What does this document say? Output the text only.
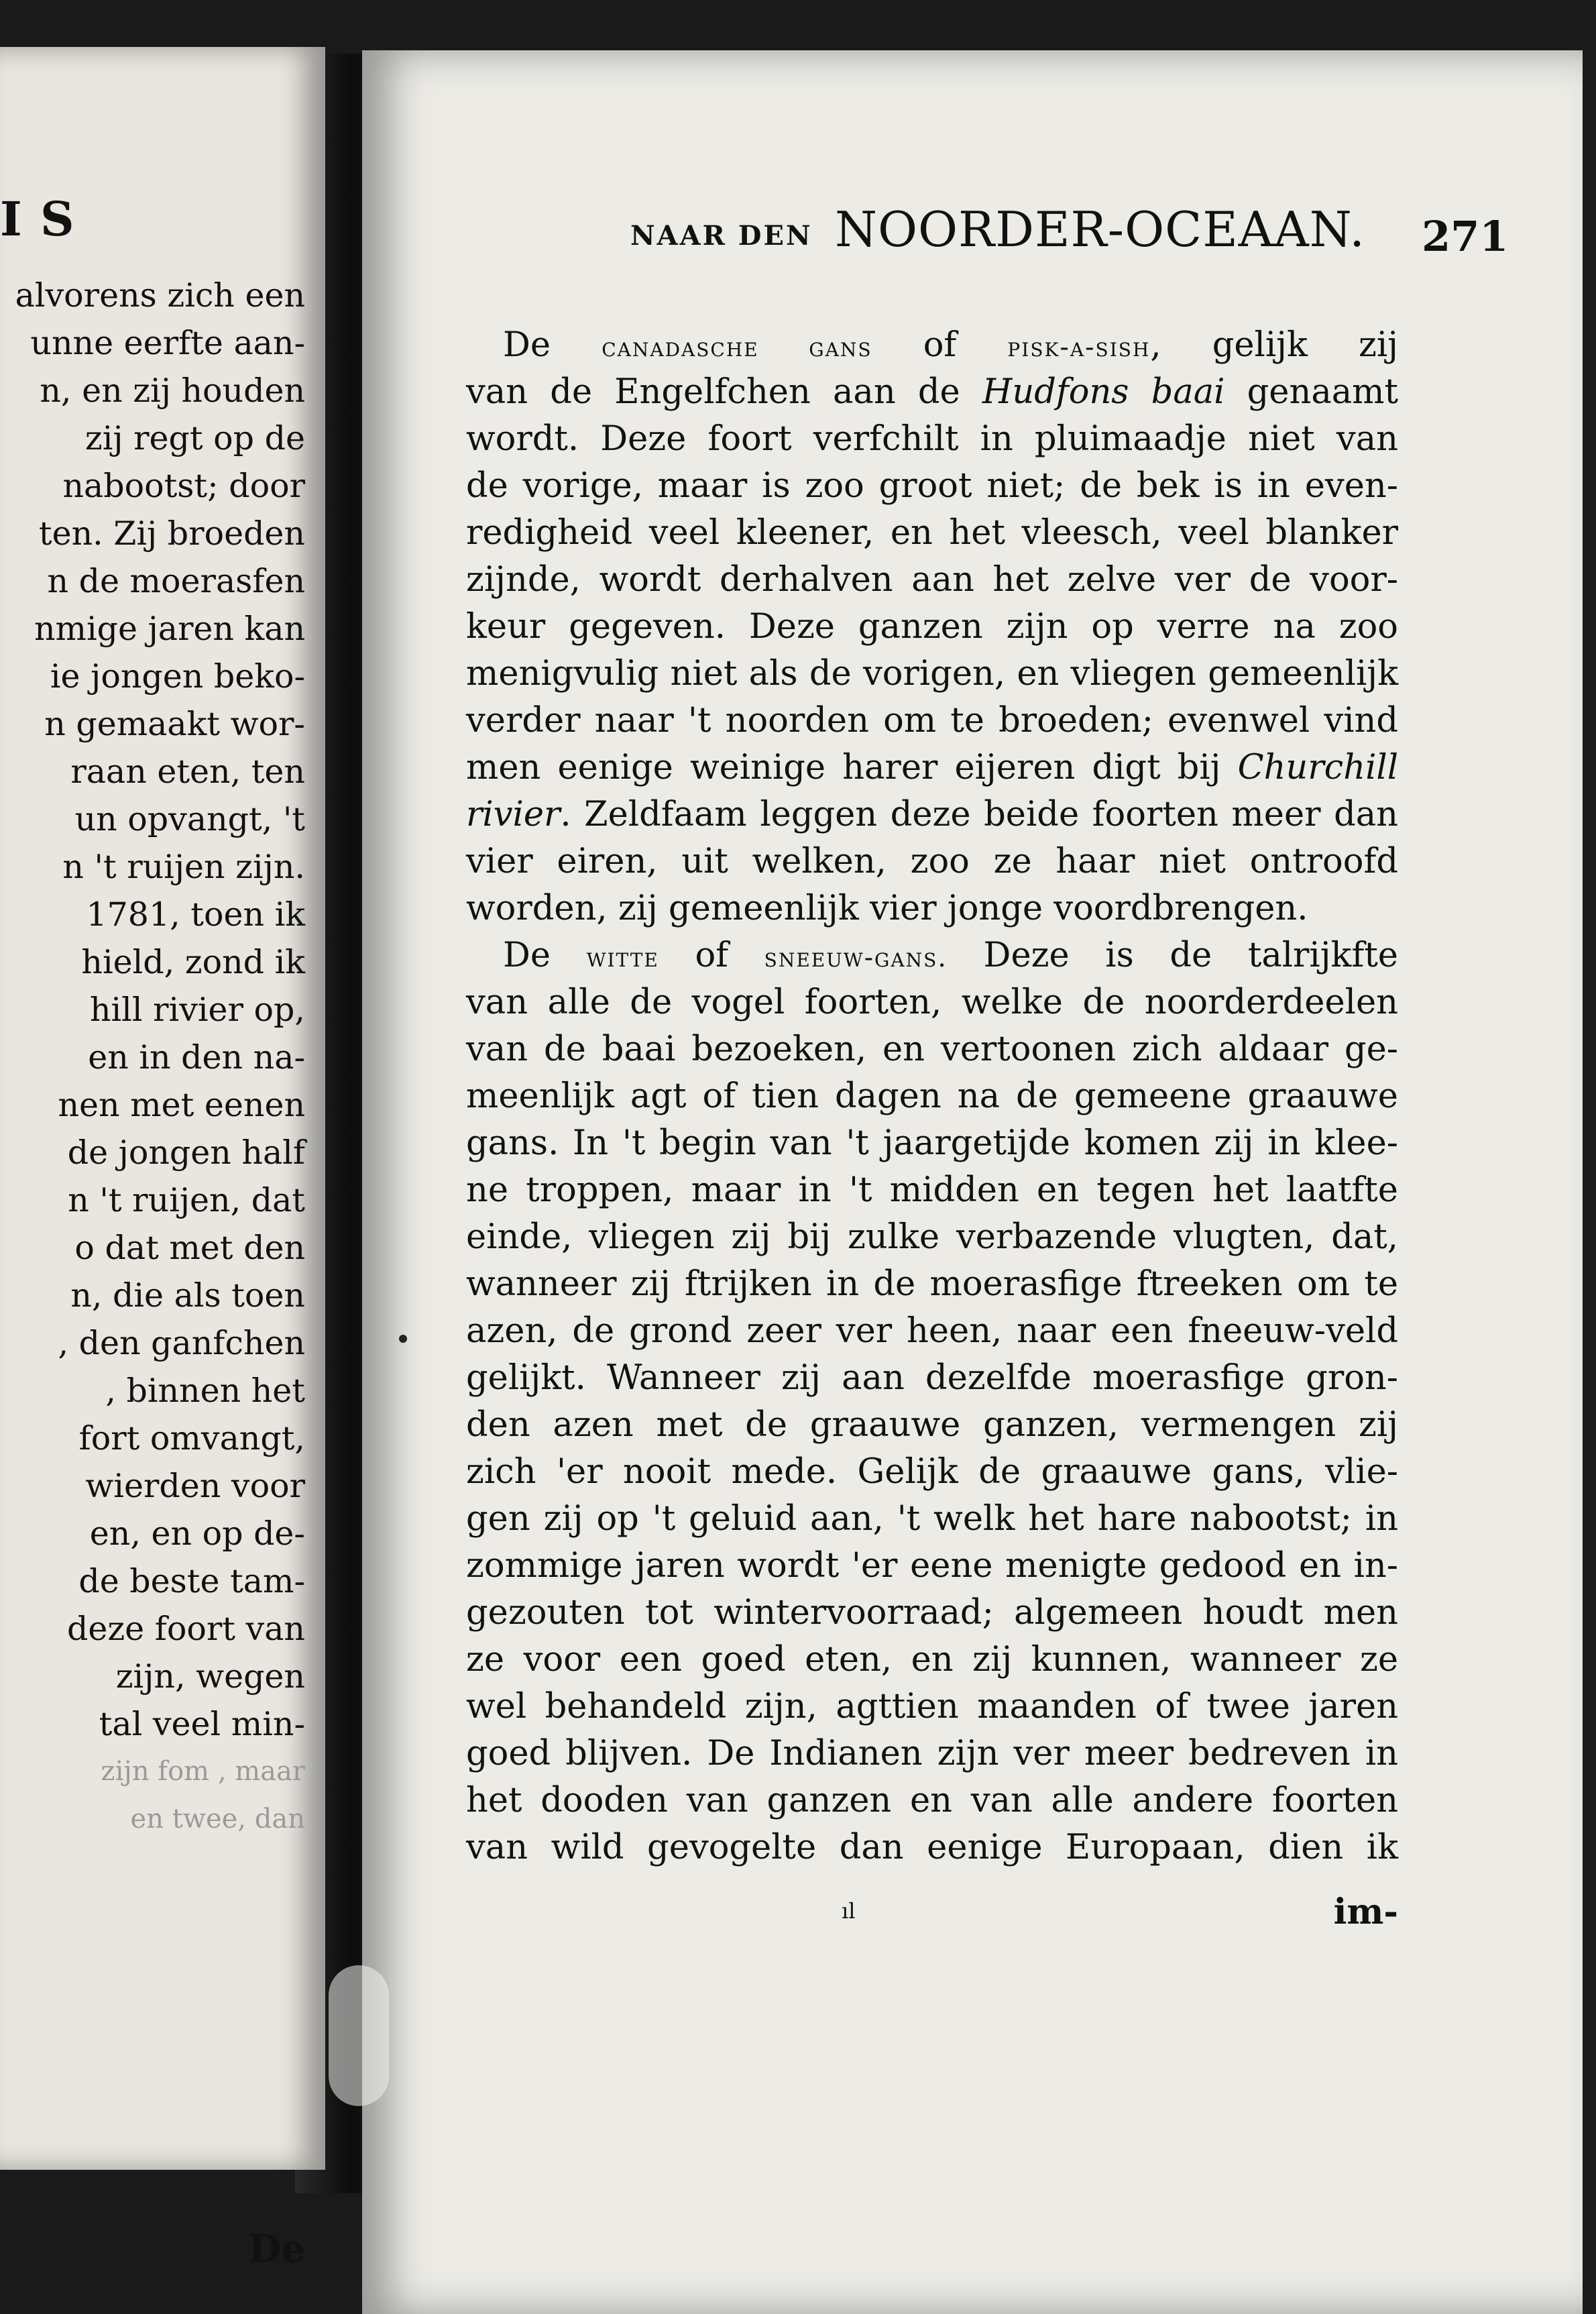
I S
alvorens zich een
unne eerfte aan-
n, en zij houden
zij regt op de
nabootst; door
ten. Zij broeden
n de moerasfen
nmige jaren kan
ie jongen beko-
n gemaakt wor-
raan eten, ten
un opvangt, 't
n 't ruijen zijn.
1781, toen ik
hield, zond ik
hill rivier op,
en in den na-
nen met eenen
de jongen half
n 't ruijen, dat
o dat met den
n, die als toen
, den ganfchen
, binnen het
fort omvangt,
wierden voor
en, en op de-
de beste tam-
deze foort van
zijn, wegen
tal veel min-
zijn fom , maar
en twee, dan
De
NAAR DEN NOORDER-OCEAAN. 271
De canadasche gans of pisk-a-sish, gelijk zij
van de Engelfchen aan de Hudfons baai genaamt
wordt. Deze foort verfchilt in pluimaadje niet van
de vorige, maar is zoo groot niet; de bek is in even-
redigheid veel kleener, en het vleesch, veel blanker
zijnde, wordt derhalven aan het zelve ver de voor-
keur gegeven. Deze ganzen zijn op verre na zoo
menigvulig niet als de vorigen, en vliegen gemeenlijk
verder naar 't noorden om te broeden; evenwel vind
men eenige weinige harer eijeren digt bij Churchill
rivier. Zeldfaam leggen deze beide foorten meer dan
vier eiren, uit welken, zoo ze haar niet ontroofd
worden, zij gemeenlijk vier jonge voordbrengen.
De witte of sneeuw-gans. Deze is de talrijkfte
van alle de vogel foorten, welke de noorderdeelen
van de baai bezoeken, en vertoonen zich aldaar ge-
meenlijk agt of tien dagen na de gemeene graauwe
gans. In 't begin van 't jaargetijde komen zij in klee-
ne troppen, maar in 't midden en tegen het laatfte
einde, vliegen zij bij zulke verbazende vlugten, dat,
wanneer zij ftrijken in de moerasfige ftreeken om te
azen, de grond zeer ver heen, naar een fneeuw-veld
gelijkt. Wanneer zij aan dezelfde moerasfige gron-
den azen met de graauwe ganzen, vermengen zij
zich 'er nooit mede. Gelijk de graauwe gans, vlie-
gen zij op 't geluid aan, 't welk het hare nabootst; in
zommige jaren wordt 'er eene menigte gedood en in-
gezouten tot wintervoorraad; algemeen houdt men
ze voor een goed eten, en zij kunnen, wanneer ze
wel behandeld zijn, agttien maanden of twee jaren
goed blijven. De Indianen zijn ver meer bedreven in
het dooden van ganzen en van alle andere foorten
van wild gevogelte dan eenige Europaan, dien ik
ıl	im-
